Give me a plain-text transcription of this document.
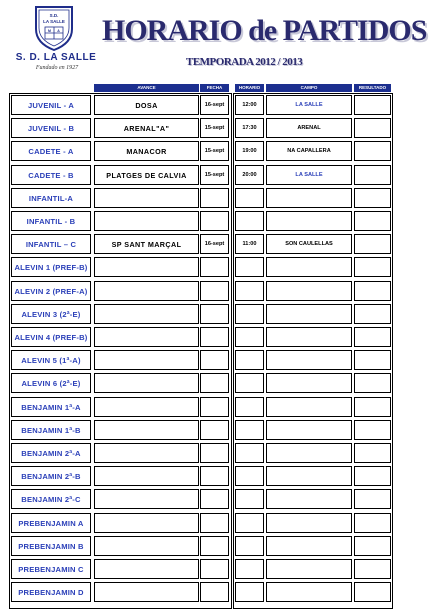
S.D.
LA SALLE
M A
S. D. LA SALLE
Fundado en 1927
HORARIO de PARTIDOS
TEMPORADA 2012 / 2013
AVANCE	FECHA	HORARIO	CAMPO	RESULTADO
JUVENIL - A	DOSA	16-sept	12:00	LA SALLE
JUVENIL - B	ARENAL"A"	15-sept	17:30	ARENAL
CADETE - A	MANACOR	15-sept	19:00	NA CAPALLERA
CADETE - B	PLATGES DE CALVIA	15-sept	20:00	LA SALLE
INFANTIL-A
INFANTIL - B
INFANTIL – C	SP SANT MARÇAL	16-sept	11:00	SON CAULELLAS
ALEVIN 1 (PREF-B)
ALEVIN 2 (PREF-A)
ALEVIN 3 (2ª-E)
ALEVIN 4 (PREF-B)
ALEVIN 5 (1ª-A)
ALEVIN 6 (2ª-E)
BENJAMIN 1ª-A
BENJAMIN 1ª-B
BENJAMIN 2ª-A
BENJAMIN 2ª-B
BENJAMIN 2ª-C
PREBENJAMIN A
PREBENJAMIN B
PREBENJAMIN C
PREBENJAMIN D
